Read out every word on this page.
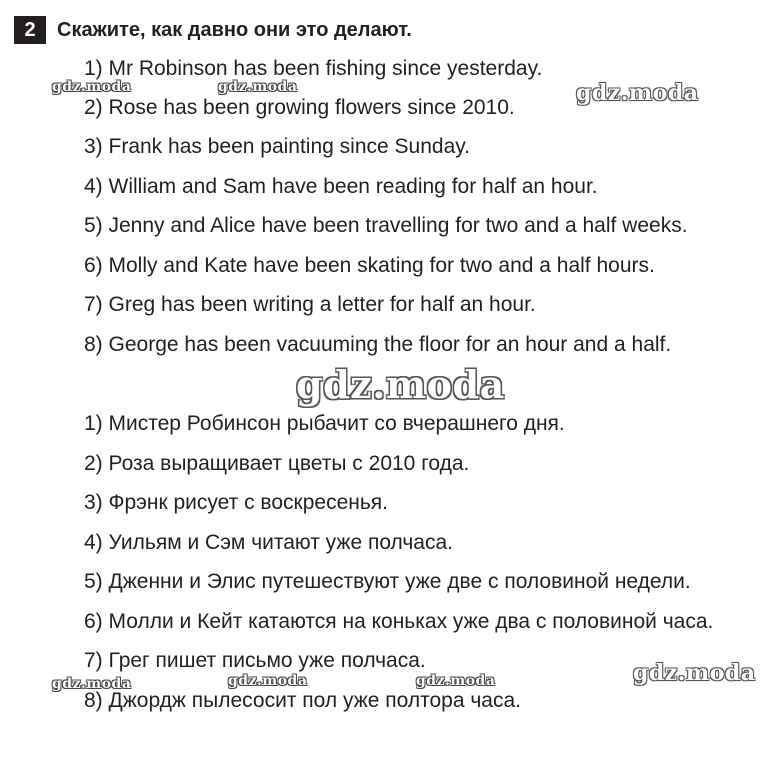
2	Скажите, как давно они это делают.
1) Mr Robinson has been fishing since yesterday.
2) Rose has been growing flowers since 2010.
3) Frank has been painting since Sunday.
4) William and Sam have been reading for half an hour.
5) Jenny and Alice have been travelling for two and a half weeks.
6) Molly and Kate have been skating for two and a half hours.
7) Greg has been writing a letter for half an hour.
8) George has been vacuuming the floor for an hour and a half.
1) Мистер Робинсон рыбачит со вчерашнего дня.
2) Роза выращивает цветы с 2010 года.
3) Фрэнк рисует с воскресенья.
4) Уильям и Сэм читают уже полчаса.
5) Дженни и Элис путешествуют уже две с половиной недели.
6) Молли и Кейт катаются на коньках уже два с половиной часа.
7) Грег пишет письмо уже полчаса.
8) Джордж пылесосит пол уже полтора часа.
gdz.moda	gdz.moda	gdz.moda
gdz.moda
gdz.moda
gdz.moda	gdz.moda	gdz.moda
